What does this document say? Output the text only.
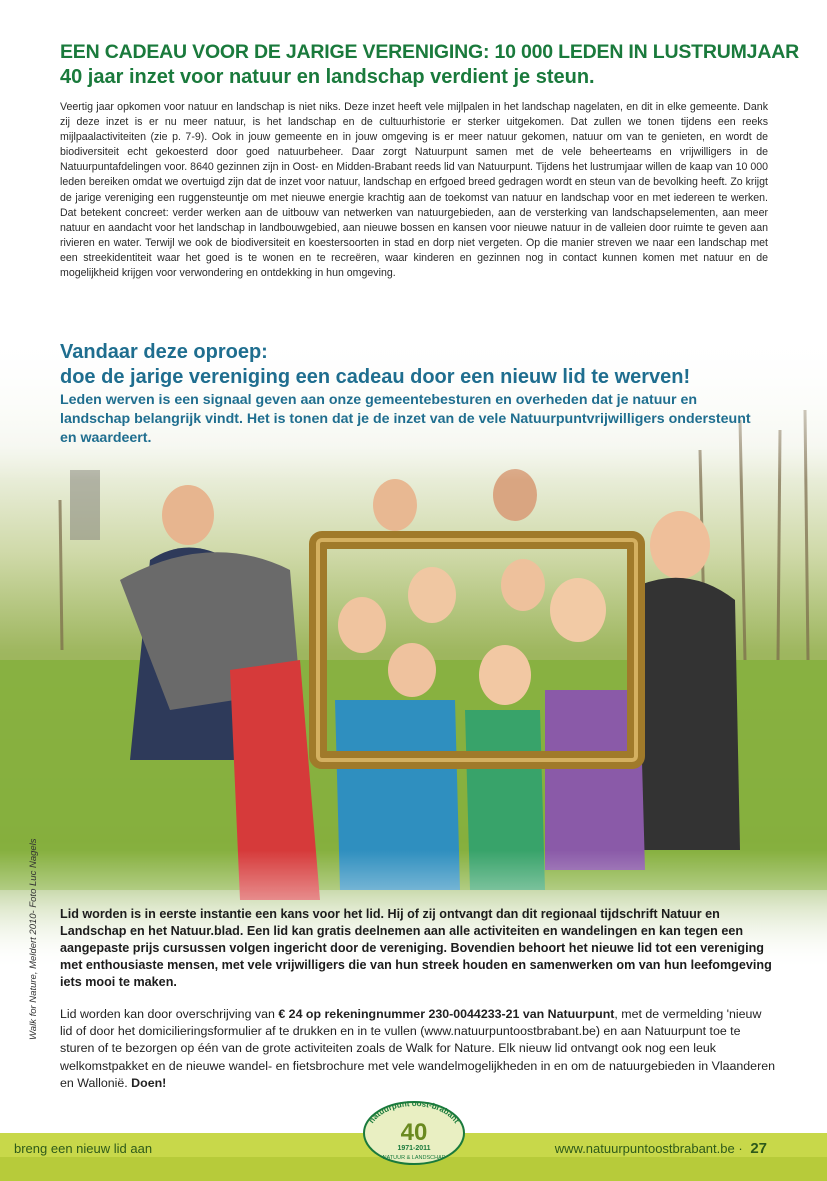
EEN CADEAU VOOR DE JARIGE VERENIGING: 10 000 LEDEN IN LUSTRUMJAAR
40 jaar inzet voor natuur en landschap verdient je steun.
Veertig jaar opkomen voor natuur en landschap is niet niks. Deze inzet heeft vele mijlpalen in het landschap nagelaten, en dit in elke gemeente. Dank zij deze inzet is er nu meer natuur, is het landschap en de cultuurhistorie er sterker uitgekomen. Dat zullen we tonen tijdens een reeks mijlpaalactiviteiten (zie p. 7-9). Ook in jouw gemeente en in jouw omgeving is er meer natuur gekomen, natuur om van te genieten, en wordt de biodiversiteit echt gekoesterd door goed natuurbeheer. Daar zorgt Natuurpunt samen met de vele beheerteams en vrijwilligers in de Natuurpuntafdelingen voor. 8640 gezinnen zijn in Oost- en Midden-Brabant reeds lid van Natuurpunt. Tijdens het lustrumjaar willen de kaap van 10 000 leden bereiken omdat we overtuigd zijn dat de inzet voor natuur, landschap en erfgoed breed gedragen wordt en steun van de bevolking heeft. Zo krijgt de jarige vereniging een ruggensteuntje om met nieuwe energie krachtig aan de toekomst van natuur en landschap voor en met iedereen te werken. Dat betekent concreet: verder werken aan de uitbouw van netwerken van natuurgebieden, aan de versterking van landschapselementen, aan meer natuur en aandacht voor het landschap in landbouwgebied, aan nieuwe bossen en kansen voor nieuwe natuur in de valleien door ruimte te geven aan rivieren en water. Terwijl we ook de biodiversiteit en koestersoorten in stad en dorp niet vergeten. Op die manier streven we naar een landschap met een streekidentiteit waar het goed is te wonen en te recreëren, waar kinderen en gezinnen nog in contact kunnen komen met natuur en de mogelijkheid krijgen voor verwondering en ontdekking in hun omgeving.
Vandaar deze oproep:
doe de jarige vereniging een cadeau door een nieuw lid te werven!
Leden werven is een signaal geven aan onze gemeentebesturen en overheden dat je natuur en landschap belangrijk vindt. Het is tonen dat je de inzet van de vele Natuurpuntvrijwilligers ondersteunt en waardeert.
Walk for Nature, Meldert 2010- Foto Luc Nagels Lid worden is in eerste instantie een kans voor het lid. Hij of zij ontvangt dan dit regionaal tijdschrift Natuur en Landschap en het Natuur.blad. Een lid kan gratis deelnemen aan alle activiteiten en wandelingen en kan tegen een aangepaste prijs cursussen volgen ingericht door de vereniging. Bovendien behoort het nieuwe lid tot een vereniging met enthousiaste mensen, met vele vrijwilligers die van hun streek houden en samenwerken om van hun leefomgeving iets mooi te maken.
Lid worden kan door overschrijving van € 24 op rekeningnummer 230-0044233-21 van Natuurpunt, met de vermelding 'nieuw lid of door het domicilieringsformulier af te drukken en in te vullen (www.natuurpuntoostbrabant.be) en aan Natuurpunt toe te sturen of te bezorgen op één van de grote activiteiten zoals de Walk for Nature. Elk nieuw lid ontvangt ook nog een leuk welkomstpakket en de nieuwe wandel- en fietsbrochure met vele wandelmogelijkheden in en om de natuurgebieden in Vlaanderen en Wallonië. Doen!
breng een nieuw lid aan	www.natuurpuntoostbrabant.be · 27
natuurpunt oost-brabant
40
1971-2011
NATUUR & LANDSCHAP
